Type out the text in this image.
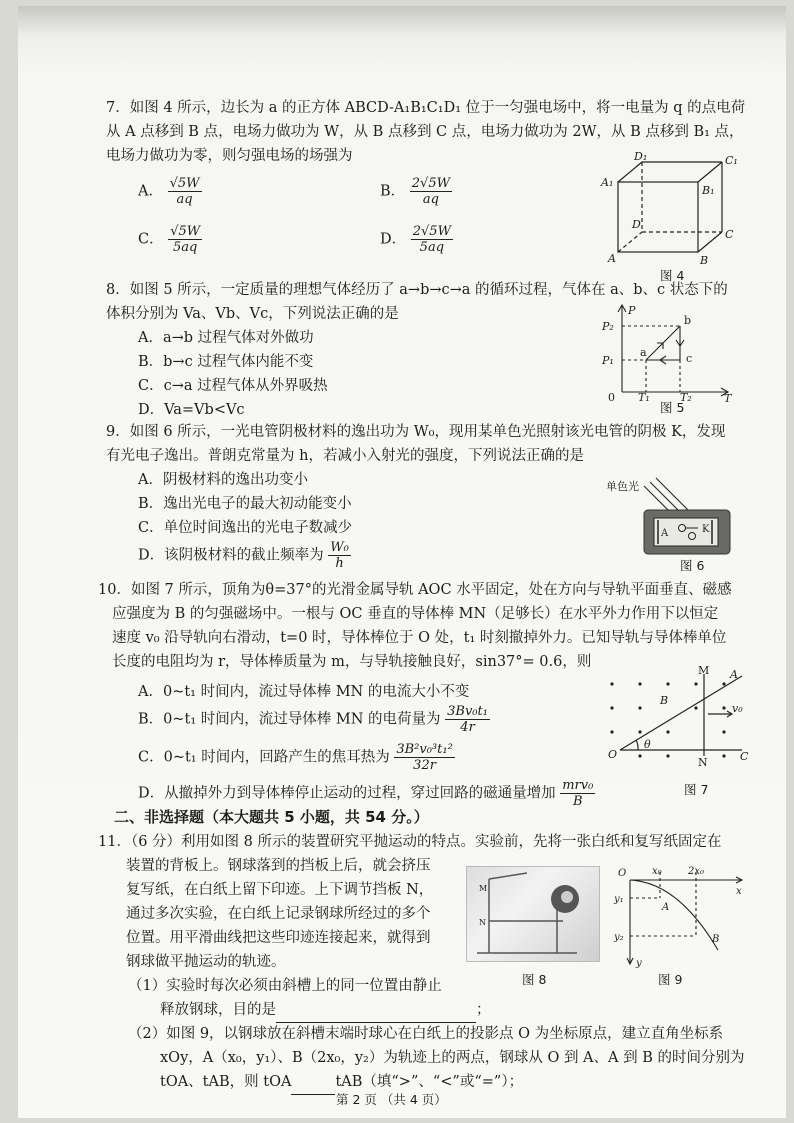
7．如图 4 所示，边长为 a 的正方体 ABCD-A₁B₁C₁D₁ 位于一匀强电场中，将一电量为 q 的点电荷
从 A 点移到 B 点，电场力做功为 W，从 B 点移到 C 点，电场力做功为 2W，从 B 点移到 B₁ 点，
电场力做功为零，则匀强电场的场强为
A． $\frac{√5W}{aq}$	B． $\frac{2√5W}{aq}$
C． $\frac{√5W}{5aq}$	D． $\frac{2√5W}{5aq}$
D₁	C₁
A₁
B₁
D
C
A	B
图 4
8．如图 5 所示，一定质量的理想气体经历了 a→b→c→a 的循环过程，气体在 a、b、c 状态下的
体积分别为 Va、Vb、Vc，下列说法正确的是
A．a→b 过程气体对外做功
B．b→c 过程气体内能不变
C．c→a 过程气体从外界吸热
D．Va=Vb<Vc
P
T
P₂
P₁
0 T₁	T₂
a
b
c
图 5
9．如图 6 所示，一光电管阴极材料的逸出功为 W₀，现用某单色光照射该光电管的阴极 K，发现
有光电子逸出。普朗克常量为 h，若减小入射光的强度，下列说法正确的是
A．阴极材料的逸出功变小
B．逸出光电子的最大初动能变小
C．单位时间逸出的光电子数减少
D．该阴极材料的截止频率为 $\frac{\text{W₀}}{h}$
单色光
A	K
图 6
10．如图 7 所示，顶角为θ=37°的光滑金属导轨 AOC 水平固定，处在方向与导轨平面垂直、磁感
应强度为 B 的匀强磁场中。一根与 OC 垂直的导体棒 MN（足够长）在水平外力作用下以恒定
速度 v₀ 沿导轨向右滑动，t=0 时，导体棒位于 O 处，t₁ 时刻撤掉外力。已知导轨与导体棒单位
长度的电阻均为 r，导体棒质量为 m，与导轨接触良好，sin37°= 0.6，则
A．0~t₁ 时间内，流过导体棒 MN 的电流大小不变
B．0~t₁ 时间内，流过导体棒 MN 的电荷量为 $\frac{\text{3Bv₀t₁}}{4r}$
C．0~t₁ 时间内，回路产生的焦耳热为 $\frac{\text{3B²v₀³t₁²}}{32r}$
D．从撤掉外力到导体棒停止运动的过程，穿过回路的磁通量增加 $\frac{\text{mrv₀}}{B}$
M A
B
v₀
O
θ
N	C
图 7
二、非选择题（本大题共 5 小题，共 54 分。）
11．（6 分）利用如图 8 所示的装置研究平抛运动的特点。实验前，先将一张白纸和复写纸固定在
装置的背板上。钢球落到的挡板上后，就会挤压
复写纸，在白纸上留下印迹。上下调节挡板 N，
通过多次实验，在白纸上记录钢球所经过的多个
位置。用平滑曲线把这些印迹连接起来，就得到
钢球做平抛运动的轨迹。
（1）实验时每次必须由斜槽上的同一位置由静止
释放钢球，目的是	；
（2）如图 9，以钢球放在斜槽末端时球心在白纸上的投影点 O 为坐标原点，建立直角坐标系
xOy，A（x₀，y₁）、B（2x₀，y₂）为轨迹上的两点，钢球从 O 到 A、A 到 B 的时间分别为
tOA、tAB，则 tOA	tAB（填“>”、“<”或“=”）；
M
N
图 8
O	x₀	2x₀
x
y₁
y₂
A
B
y
图 9
第 2 页 （共 4 页）
